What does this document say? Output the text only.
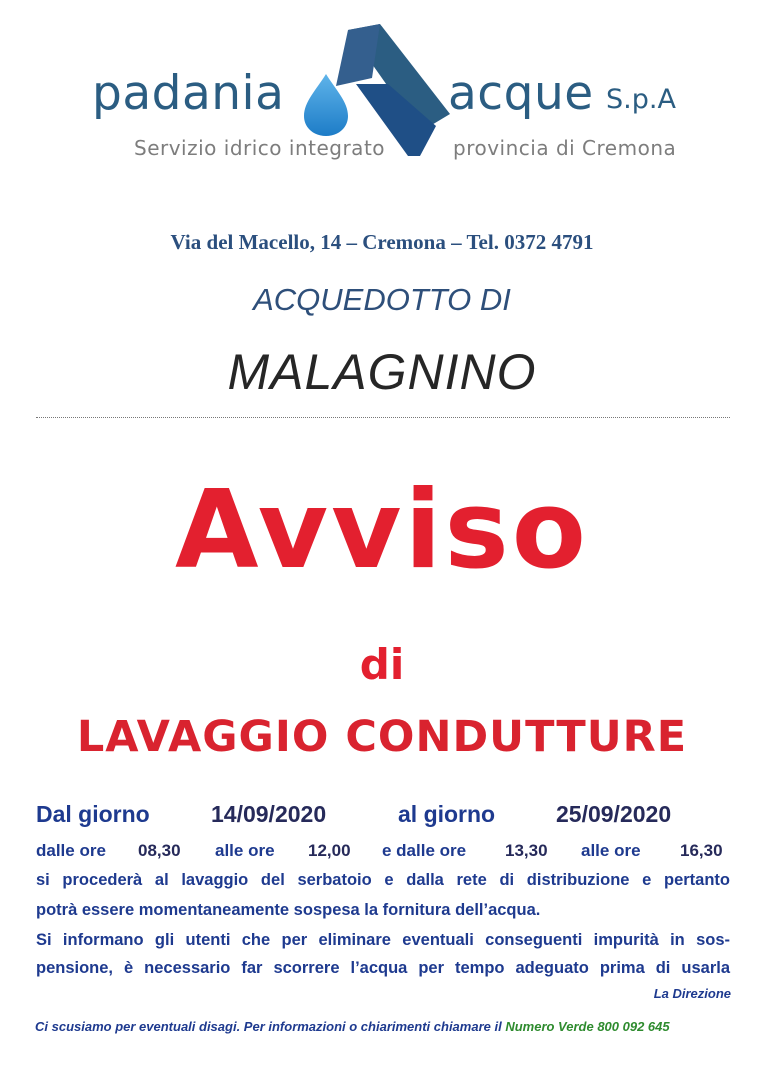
padania	acque S.p.A
Servizio idrico integrato	provincia di Cremona
Via del Macello, 14 – Cremona – Tel. 0372 4791
ACQUEDOTTO DI
MALAGNINO
Avviso
di
LAVAGGIO CONDUTTURE
Dal giorno	14/09/2020	al giorno	25/09/2020
dalle ore 08,30 alle ore 12,00 e dalle ore 13,30 alle ore 16,30
si procederà al lavaggio del serbatoio e dalla rete di distribuzione e pertanto
potrà essere momentaneamente sospesa la fornitura dell’acqua.
Si informano gli utenti che per eliminare eventuali conseguenti impurità in sos-
pensione, è necessario far scorrere l’acqua per tempo adeguato prima di usarla
La Direzione
Ci scusiamo per eventuali disagi. Per informazioni o chiarimenti chiamare il Numero Verde 800 092 645
